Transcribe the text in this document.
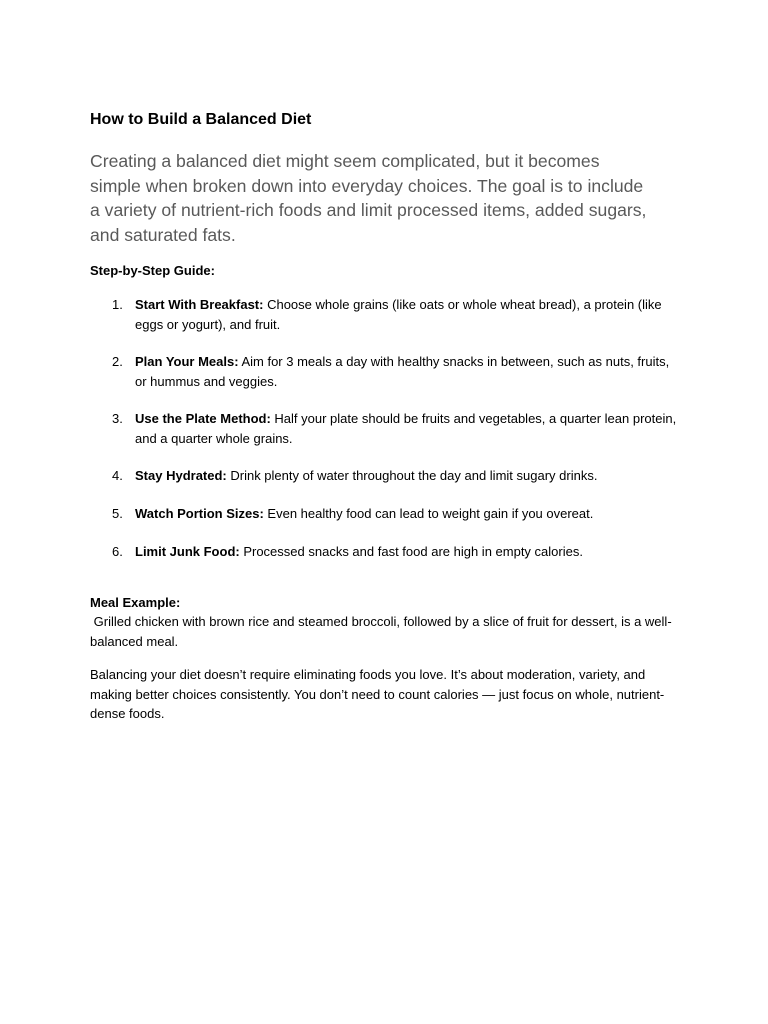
How to Build a Balanced Diet

Creating a balanced diet might seem complicated, but it becomes simple when broken down into everyday choices. The goal is to include a variety of nutrient-rich foods and limit processed items, added sugars, and saturated fats.

Step-by-Step Guide:

1. Start With Breakfast: Choose whole grains (like oats or whole wheat bread), a protein (like eggs or yogurt), and fruit.
2. Plan Your Meals: Aim for 3 meals a day with healthy snacks in between, such as nuts, fruits, or hummus and veggies.
3. Use the Plate Method: Half your plate should be fruits and vegetables, a quarter lean protein, and a quarter whole grains.
4. Stay Hydrated: Drink plenty of water throughout the day and limit sugary drinks.
5. Watch Portion Sizes: Even healthy food can lead to weight gain if you overeat.
6. Limit Junk Food: Processed snacks and fast food are high in empty calories.

Meal Example:

Grilled chicken with brown rice and steamed broccoli, followed by a slice of fruit for dessert, is a well-balanced meal.

Balancing your diet doesn’t require eliminating foods you love. It’s about moderation, variety, and making better choices consistently. You don’t need to count calories — just focus on whole, nutrient-dense foods.
